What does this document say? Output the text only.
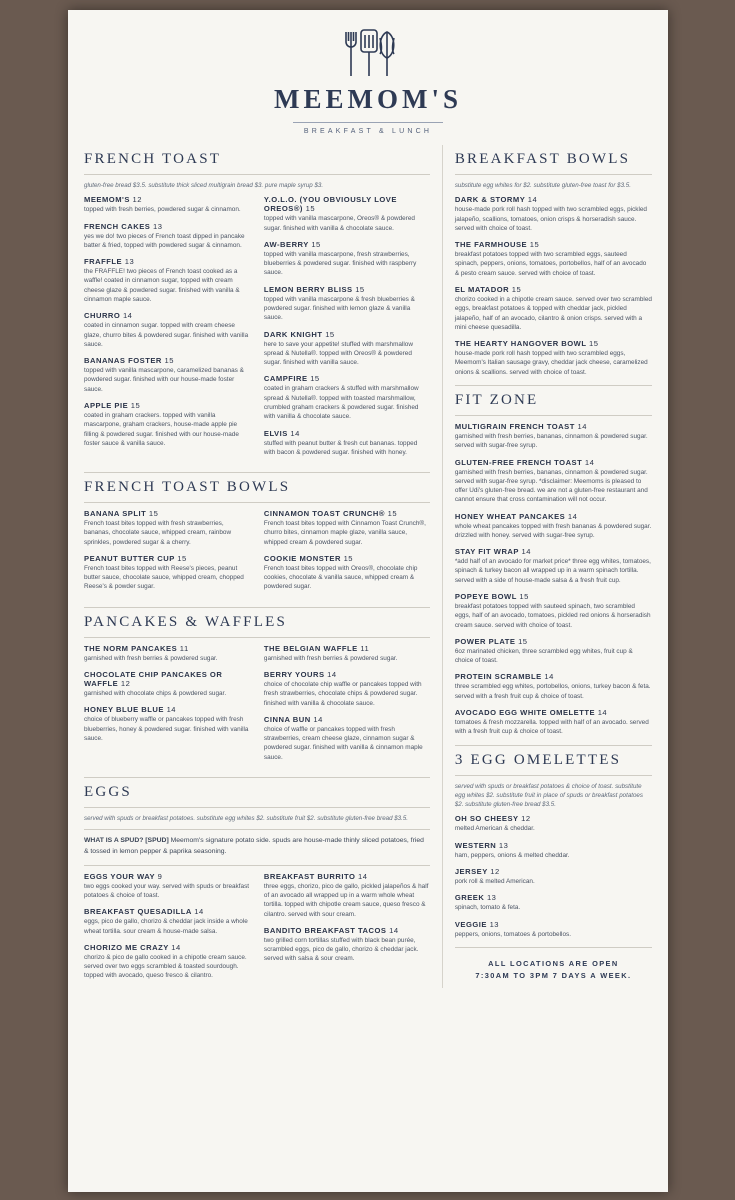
MEEMOM'S
BREAKFAST & LUNCH
FRENCH TOAST
gluten-free bread $3.5. substitute thick sliced multigrain bread $3. pure maple syrup $3.
MEEMOM'S 12
topped with fresh berries, powdered sugar & cinnamon.
FRENCH CAKES 13
yes we do! two pieces of French toast dipped in pancake batter & fried, topped with powdered sugar & cinnamon.
FRAFFLE 13
the FRAFFLE! two pieces of French toast cooked as a waffle! coated in cinnamon sugar, topped with cream cheese glaze & powdered sugar. finished with vanilla & cinnamon maple sauce.
CHURRO 14
coated in cinnamon sugar. topped with cream cheese glaze, churro bites & powdered sugar. finished with vanilla sauce.
BANANAS FOSTER 15
topped with vanilla mascarpone, caramelized bananas & powdered sugar. finished with our house-made foster sauce.
APPLE PIE 15
coated in graham crackers. topped with vanilla mascarpone, graham crackers, house-made apple pie filling & powdered sugar. finished with our house-made foster sauce & vanilla sauce.
Y.O.L.O. (YOU OBVIOUSLY LOVE OREOS®) 15
topped with vanilla mascarpone, Oreos® & powdered sugar. finished with vanilla & chocolate sauce.
AW-BERRY 15
topped with vanilla mascarpone, fresh strawberries, blueberries & powdered sugar. finished with raspberry sauce.
LEMON BERRY BLISS 15
topped with vanilla mascarpone & fresh blueberries & powdered sugar. finished with lemon glaze & vanilla sauce.
DARK KNIGHT 15
here to save your appetite! stuffed with marshmallow spread & Nutella®. topped with Oreos® & powdered sugar. finished with vanilla sauce.
CAMPFIRE 15
coated in graham crackers & stuffed with marshmallow spread & Nutella®. topped with toasted marshmallow, crumbled graham crackers & powdered sugar. finished with vanilla & chocolate sauce.
ELVIS 14
stuffed with peanut butter & fresh cut bananas. topped with bacon & powdered sugar. finished with honey.
FRENCH TOAST BOWLS
BANANA SPLIT 15
French toast bites topped with fresh strawberries, bananas, chocolate sauce, whipped cream, rainbow sprinkles, powdered sugar & a cherry.
PEANUT BUTTER CUP 15
French toast bites topped with Reese's pieces, peanut butter sauce, chocolate sauce, whipped cream, chopped Reese's & powder sugar.
CINNAMON TOAST CRUNCH® 15
French toast bites topped with Cinnamon Toast Crunch®, churro bites, cinnamon maple glaze, vanilla sauce, whipped cream & powdered sugar.
COOKIE MONSTER 15
French toast bites topped with Oreos®, chocolate chip cookies, chocolate & vanilla sauce, whipped cream & powdered sugar.
PANCAKES & WAFFLES
THE NORM PANCAKES 11
garnished with fresh berries & powdered sugar.
CHOCOLATE CHIP PANCAKES OR WAFFLE 12
garnished with chocolate chips & powdered sugar.
HONEY BLUE BLUE 14
choice of blueberry waffle or pancakes topped with fresh blueberries, honey & powdered sugar. finished with vanilla sauce.
THE BELGIAN WAFFLE 11
garnished with fresh berries & powdered sugar.
BERRY YOURS 14
choice of chocolate chip waffle or pancakes topped with fresh strawberries, chocolate chips & powdered sugar. finished with vanilla & chocolate sauce.
CINNA BUN 14
choice of waffle or pancakes topped with fresh strawberries, cream cheese glaze, cinnamon sugar & powdered sugar. finished with vanilla & cinnamon maple sauce.
EGGS
served with spuds or breakfast potatoes. substitute egg whites $2. substitute fruit $2. substitute gluten-free bread $3.5.
WHAT IS A SPUD? [SPUD] Meemom's signature potato side. spuds are house-made thinly sliced potatoes, fried & tossed in lemon pepper & paprika seasoning.
EGGS YOUR WAY 9
two eggs cooked your way. served with spuds or breakfast potatoes & choice of toast.
BREAKFAST QUESADILLA 14
eggs, pico de gallo, chorizo & cheddar jack inside a whole wheat tortilla. sour cream & house-made salsa.
CHORIZO ME CRAZY 14
chorizo & pico de gallo cooked in a chipotle cream sauce. served over two eggs scrambled & toasted sourdough. topped with avocado, queso fresco & cilantro.
BREAKFAST BURRITO 14
three eggs, chorizo, pico de gallo, pickled jalapeños & half of an avocado all wrapped up in a warm whole wheat tortilla. topped with chipotle cream sauce, queso fresco & cilantro. served with sour cream.
BANDITO BREAKFAST TACOS 14
two grilled corn tortillas stuffed with black bean purée, scrambled eggs, pico de gallo, chorizo & cheddar jack. served with salsa & sour cream.
BREAKFAST BOWLS
substitute egg whites for $2. substitute gluten-free toast for $3.5.
DARK & STORMY 14
house-made pork roll hash topped with two scrambled eggs, pickled jalapeño, scallions, tomatoes, onion crisps & horseradish sauce. served with choice of toast.
THE FARMHOUSE 15
breakfast potatoes topped with two scrambled eggs, sauteed spinach, peppers, onions, tomatoes, portobellos, half of an avocado & pesto cream sauce. served with choice of toast.
EL MATADOR 15
chorizo cooked in a chipotle cream sauce. served over two scrambled eggs, breakfast potatoes & topped with cheddar jack, pickled jalapeño, half of an avocado, cilantro & onion crisps. served with a mini cheese quesadilla.
THE HEARTY HANGOVER BOWL 15
house-made pork roll hash topped with two scrambled eggs, Meemom's Italian sausage gravy, cheddar jack cheese, caramelized onions & scallions. served with choice of toast.
FIT ZONE
MULTIGRAIN FRENCH TOAST 14
garnished with fresh berries, bananas, cinnamon & powdered sugar. served with sugar-free syrup.
GLUTEN-FREE FRENCH TOAST 14
garnished with fresh berries, bananas, cinnamon & powdered sugar. served with sugar-free syrup. *disclaimer: Meemoms is pleased to offer Udi's gluten-free bread. we are not a gluten-free restaurant and cannot ensure that cross contamination will not occur.
HONEY WHEAT PANCAKES 14
whole wheat pancakes topped with fresh bananas & powdered sugar. drizzled with honey. served with sugar-free syrup.
STAY FIT WRAP 14
*add half of an avocado for market price* three egg whites, tomatoes, spinach & turkey bacon all wrapped up in a warm spinach tortilla. served with a side of house-made salsa & a fresh fruit cup.
POPEYE BOWL 15
breakfast potatoes topped with sauteed spinach, two scrambled eggs, half of an avocado, tomatoes, pickled red onions & horseradish cream sauce. served with choice of toast.
POWER PLATE 15
6oz marinated chicken, three scrambled egg whites, fruit cup & choice of toast.
PROTEIN SCRAMBLE 14
three scrambled egg whites, portobellos, onions, turkey bacon & feta. served with a fresh fruit cup & choice of toast.
AVOCADO EGG WHITE OMELETTE 14
tomatoes & fresh mozzarella. topped with half of an avocado. served with a fresh fruit cup & choice of toast.
3 EGG OMELETTES
served with spuds or breakfast potatoes & choice of toast. substitute egg whites $2. substitute fruit in place of spuds or breakfast potatoes $2. substitute gluten-free bread $3.5.
OH SO CHEESY 12
melted American & cheddar.
WESTERN 13
ham, peppers, onions & melted cheddar.
JERSEY 12
pork roll & melted American.
GREEK 13
spinach, tomato & feta.
VEGGIE 13
peppers, onions, tomatoes & portobellos.
ALL LOCATIONS ARE OPEN
7:30AM TO 3PM 7 DAYS A WEEK.
